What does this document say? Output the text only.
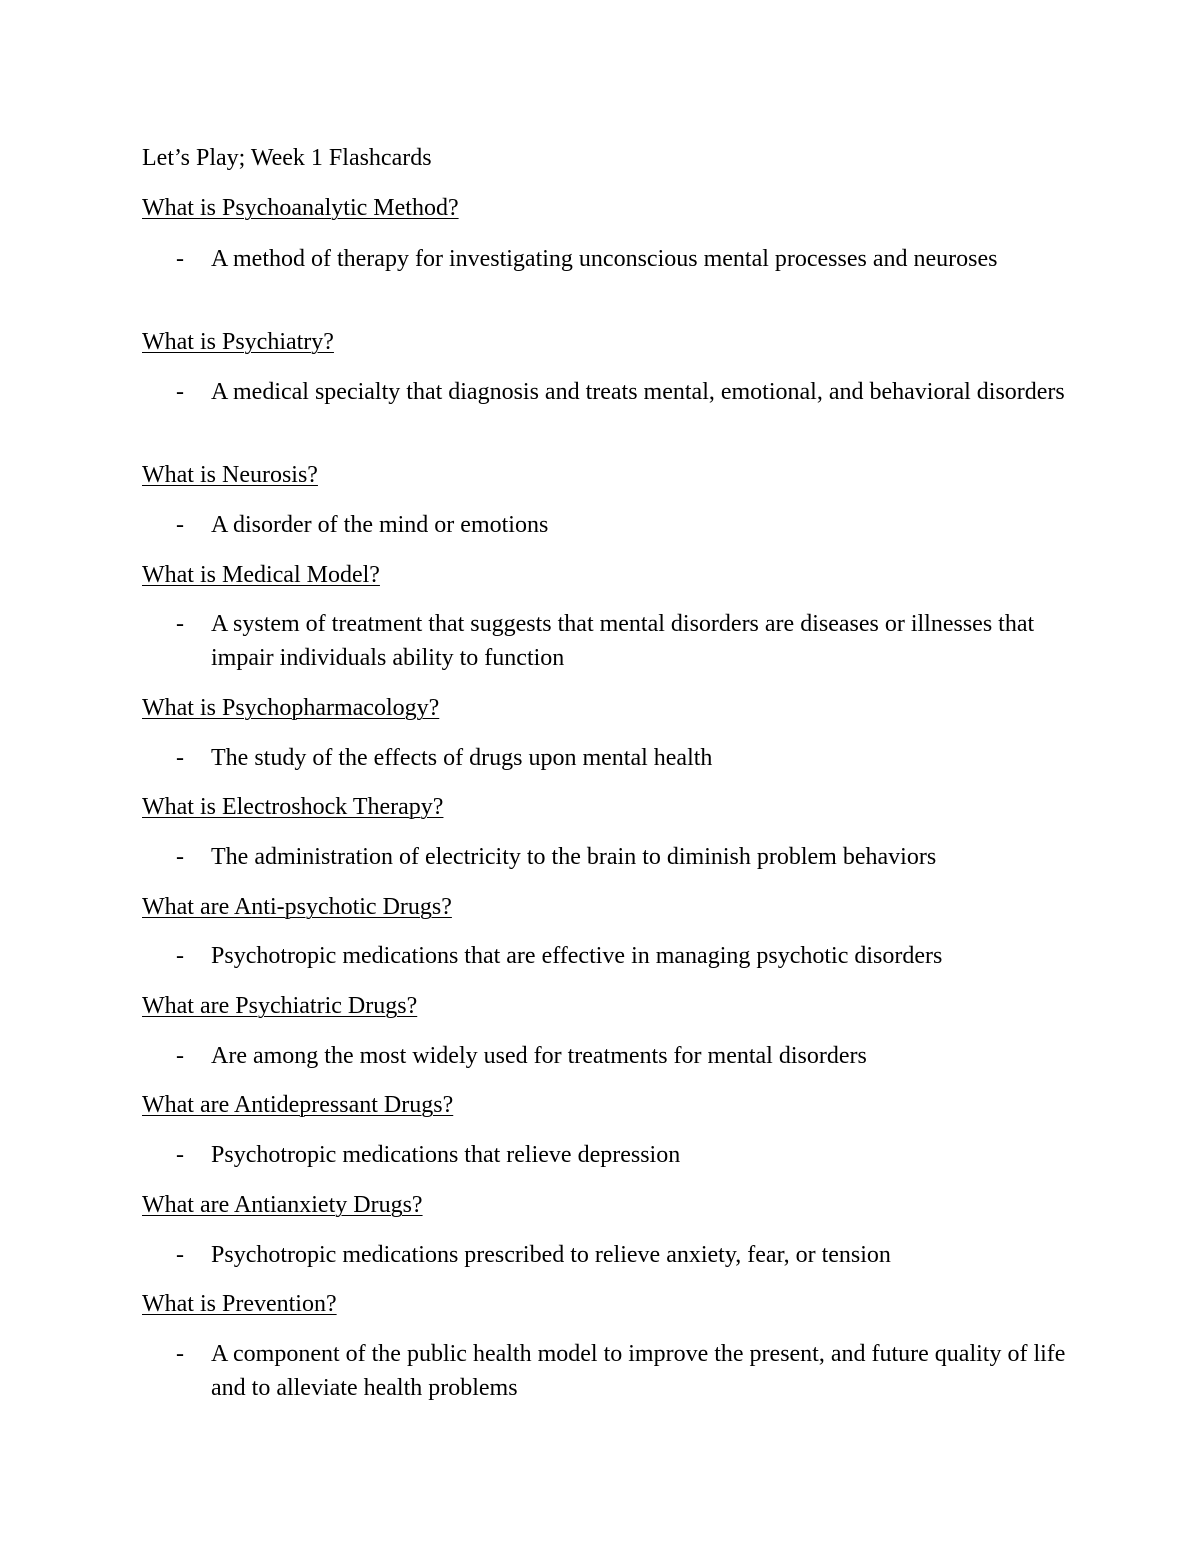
Let’s Play; Week 1 Flashcards
What is Psychoanalytic Method?
- A method of therapy for investigating unconscious mental processes and neuroses
What is Psychiatry?
- A medical specialty that diagnosis and treats mental, emotional, and behavioral disorders
What is Neurosis?
- A disorder of the mind or emotions
What is Medical Model?
- A system of treatment that suggests that mental disorders are diseases or illnesses that impair individuals ability to function
What is Psychopharmacology?
- The study of the effects of drugs upon mental health
What is Electroshock Therapy?
- The administration of electricity to the brain to diminish problem behaviors
What are Anti-psychotic Drugs?
- Psychotropic medications that are effective in managing psychotic disorders
What are Psychiatric Drugs?
- Are among the most widely used for treatments for mental disorders
What are Antidepressant Drugs?
- Psychotropic medications that relieve depression
What are Antianxiety Drugs?
- Psychotropic medications prescribed to relieve anxiety, fear, or tension
What is Prevention?
- A component of the public health model to improve the present, and future quality of life and to alleviate health problems
